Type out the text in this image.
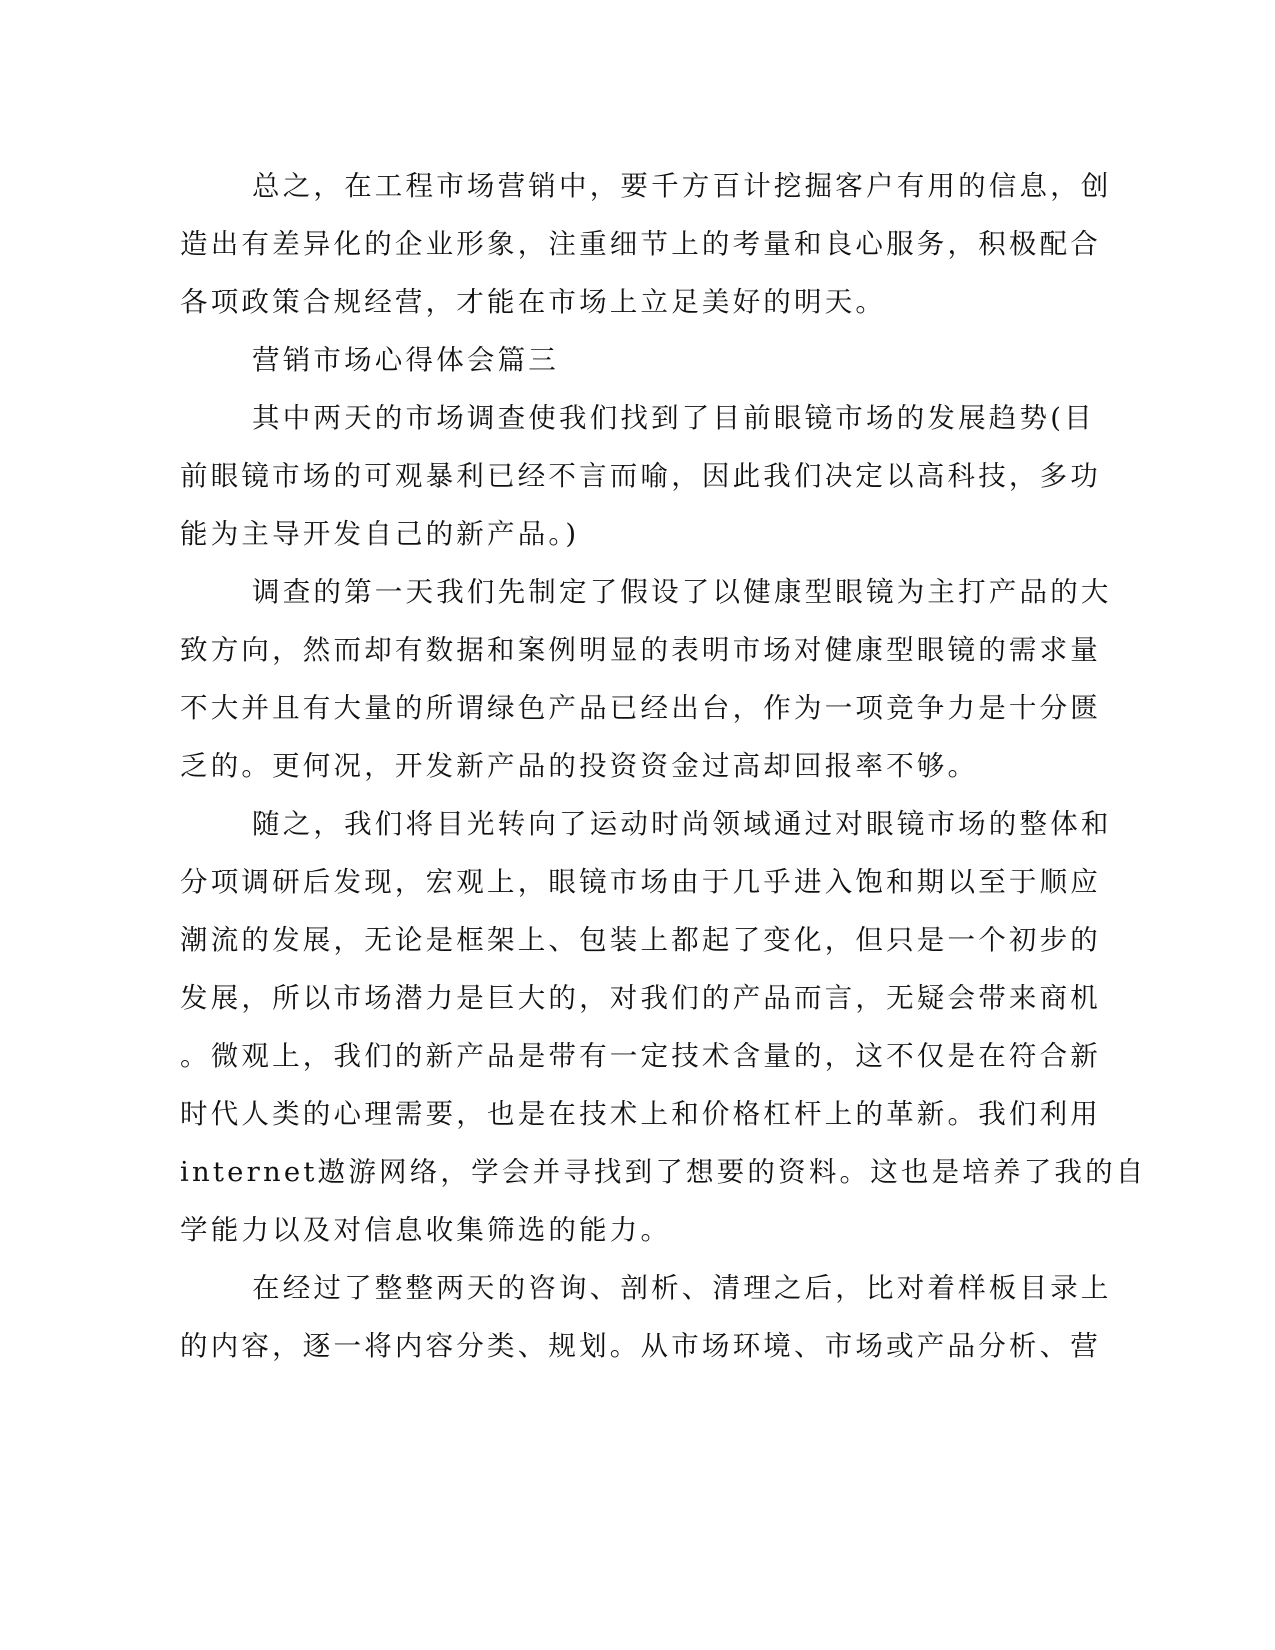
总之，在工程市场营销中，要千方百计挖掘客户有用的信息，创
造出有差异化的企业形象，注重细节上的考量和良心服务，积极配合
各项政策合规经营，才能在市场上立足美好的明天。
营销市场心得体会篇三
其中两天的市场调查使我们找到了目前眼镜市场的发展趋势(目
前眼镜市场的可观暴利已经不言而喻，因此我们决定以高科技，多功
能为主导开发自己的新产品。)
调查的第一天我们先制定了假设了以健康型眼镜为主打产品的大
致方向，然而却有数据和案例明显的表明市场对健康型眼镜的需求量
不大并且有大量的所谓绿色产品已经出台，作为一项竞争力是十分匮
乏的。更何况，开发新产品的投资资金过高却回报率不够。
随之，我们将目光转向了运动时尚领域通过对眼镜市场的整体和
分项调研后发现，宏观上，眼镜市场由于几乎进入饱和期以至于顺应
潮流的发展，无论是框架上、包装上都起了变化，但只是一个初步的
发展，所以市场潜力是巨大的，对我们的产品而言，无疑会带来商机
。微观上，我们的新产品是带有一定技术含量的，这不仅是在符合新
时代人类的心理需要，也是在技术上和价格杠杆上的革新。我们利用
internet遨游网络，学会并寻找到了想要的资料。这也是培养了我的自
学能力以及对信息收集筛选的能力。
在经过了整整两天的咨询、剖析、清理之后，比对着样板目录上
的内容，逐一将内容分类、规划。从市场环境、市场或产品分析、营
